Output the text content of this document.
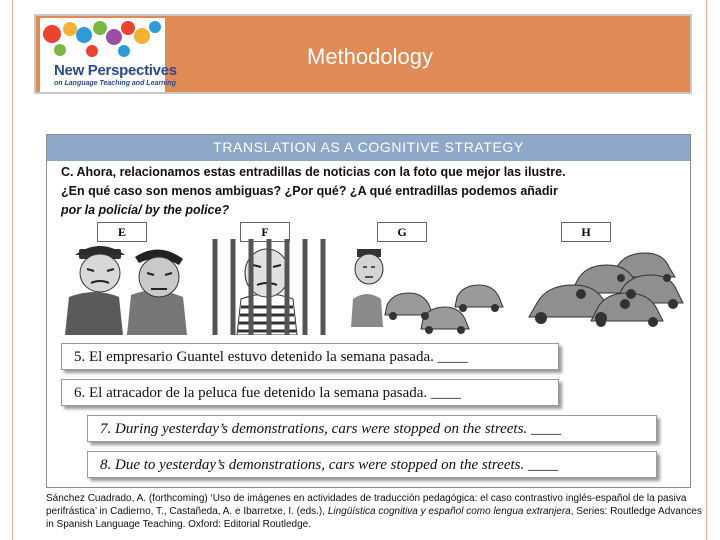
New Perspectives
on Language Teaching and Learning
Methodology
TRANSLATION AS A COGNITIVE STRATEGY
C. Ahora, relacionamos estas entradillas de noticias con la foto que mejor las ilustre.
¿En qué caso son menos ambiguas? ¿Por qué? ¿A qué entradillas podemos añadir
por la policía/ by the police?
E	F	G	H
5. El empresario Guantel estuvo detenido la semana pasada. ____
6. El atracador de la peluca fue detenido la semana pasada. ____
7. During yesterday’s demonstrations, cars were stopped on the streets. ____
8. Due to yesterday’s demonstrations, cars were stopped on the streets. ____
Sánchez Cuadrado, A. (forthcoming) ‘Uso de imágenes en actividades de traducción pedagógica: el caso contrastivo inglés-español de la pasiva perifrástica’ in Cadierno, T., Castañeda, A. e Ibarretxe, I. (eds.), Lingüística cognitiva y español como lengua extranjera, Series: Routledge Advances in Spanish Language Teaching. Oxford: Editorial Routledge.
